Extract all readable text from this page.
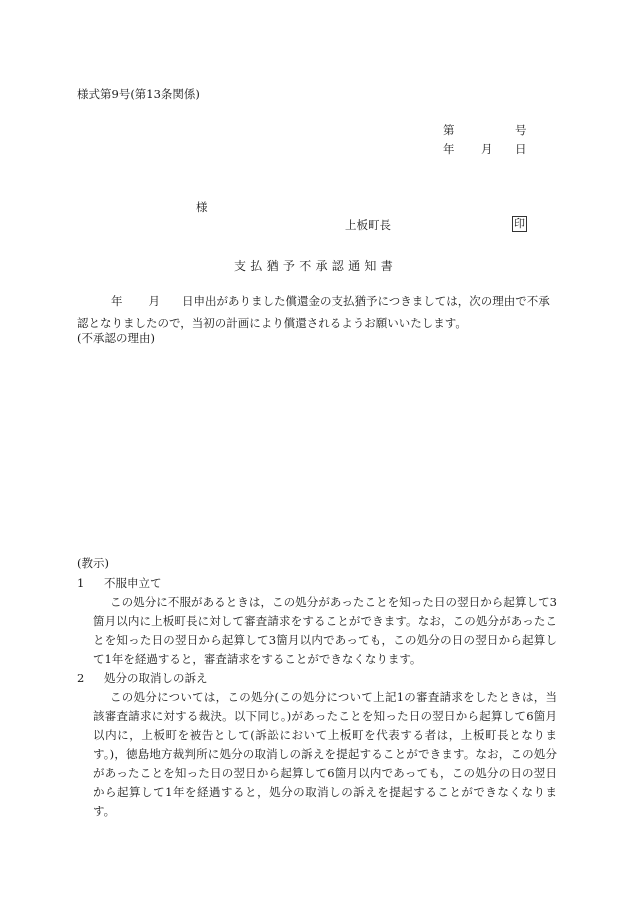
様式第9号(第13条関係)
第	号
年 月 日
様
上板町長	印
支払猶予不承認通知書
年 月 日申出がありました償還金の支払猶予につきましては，次の理由で不承認となりましたので，当初の計画により償還されるようお願いいたします。
(不承認の理由)
(教示)
1 不服申立て
この処分に不服があるときは，この処分があったことを知った日の翌日から起算して3箇月以内に上板町長に対して審査請求をすることができます。なお，この処分があったことを知った日の翌日から起算して3箇月以内であっても，この処分の日の翌日から起算して1年を経過すると，審査請求をすることができなくなります。
2 処分の取消しの訴え
この処分については，この処分(この処分について上記1の審査請求をしたときは，当該審査請求に対する裁決。以下同じ。)があったことを知った日の翌日から起算して6箇月以内に，上板町を被告として(訴訟において上板町を代表する者は，上板町長となります。)，徳島地方裁判所に処分の取消しの訴えを提起することができます。なお，この処分があったことを知った日の翌日から起算して6箇月以内であっても，この処分の日の翌日から起算して1年を経過すると，処分の取消しの訴えを提起することができなくなります。
